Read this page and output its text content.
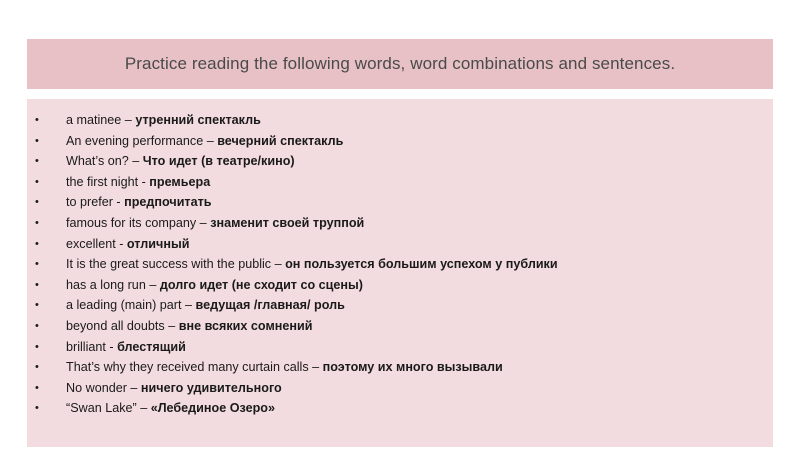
Practice reading the following words, word combinations and sentences.
• a matinee – утренний спектакль
• An evening performance – вечерний спектакль
• What’s on? – Что идет (в театре/кино)
• the first night - премьера
• to prefer - предпочитать
• famous for its company – знаменит своей труппой
• excellent - отличный
• It is the great success with the public – он пользуется большим успехом у публики
• has a long run – долго идет (не сходит со сцены)
• a leading (main) part – ведущая /главная/ роль
• beyond all doubts – вне всяких сомнений
• brilliant - блестящий
• That’s why they received many curtain calls – поэтому их много вызывали
• No wonder – ничего удивительного
• “Swan Lake” – «Лебединое Озеро»
